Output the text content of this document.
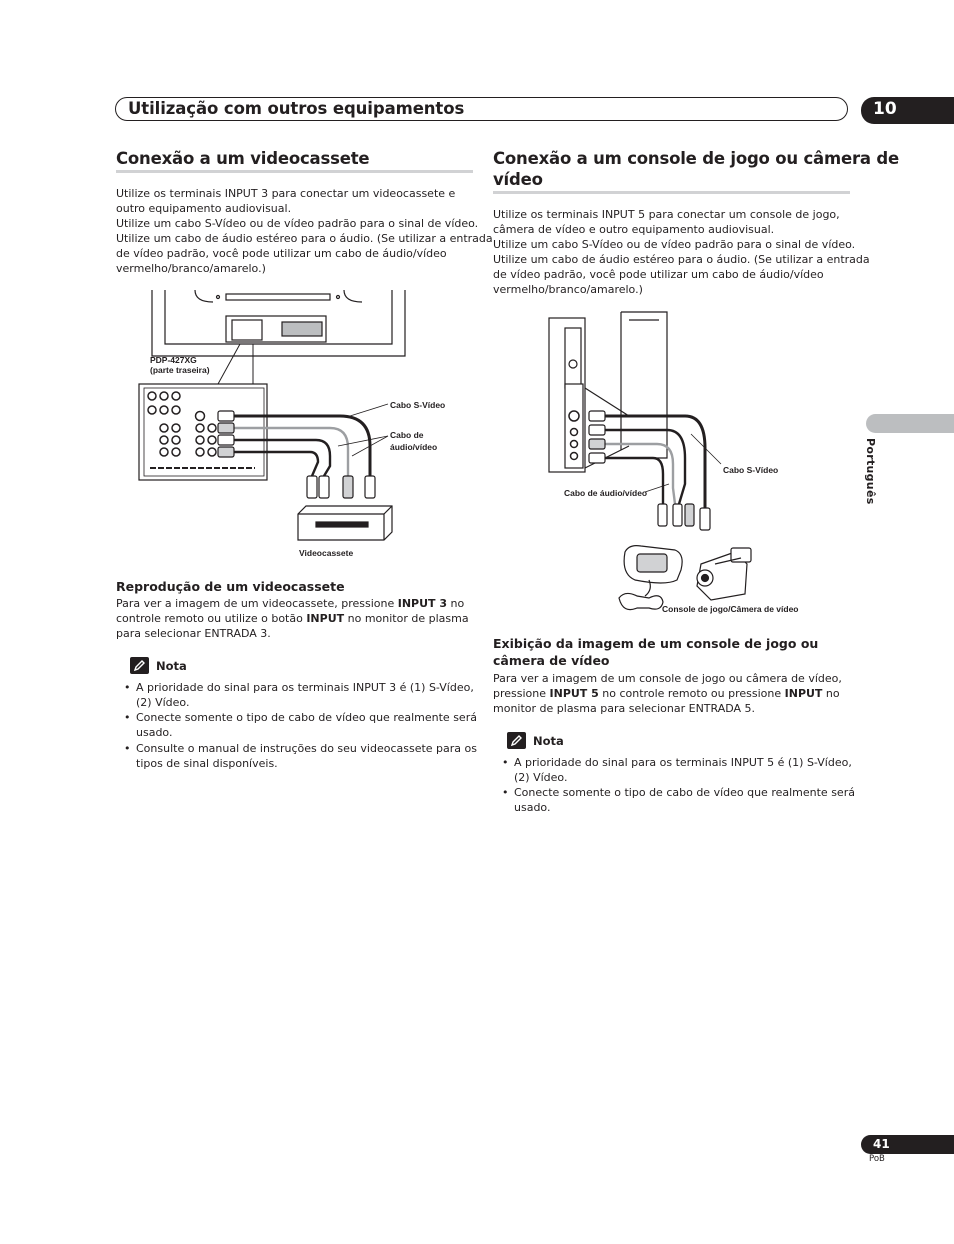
Utilização com outros equipamentos	10
Conexão a um videocassete
Utilize os terminais INPUT 3 para conectar um videocassete e
outro equipamento audiovisual.
Utilize um cabo S-Vídeo ou de vídeo padrão para o sinal de vídeo.
Utilize um cabo de áudio estéreo para o áudio. (Se utilizar a entrada
de vídeo padrão, você pode utilizar um cabo de áudio/vídeo
vermelho/branco/amarelo.)
PDP-427XG
(parte traseira)
Cabo S-Vídeo
Cabo de
áudio/vídeo
Videocassete
Reprodução de um videocassete
Para ver a imagem de um videocassete, pressione INPUT 3 no
controle remoto ou utilize o botão INPUT no monitor de plasma
para selecionar ENTRADA 3.
Nota
• A prioridade do sinal para os terminais INPUT 3 é (1) S-Vídeo,
(2) Vídeo.
• Conecte somente o tipo de cabo de vídeo que realmente será
usado.
• Consulte o manual de instruções do seu videocassete para os
tipos de sinal disponíveis.
Conexão a um console de jogo ou câmera de
vídeo
Utilize os terminais INPUT 5 para conectar um console de jogo,
câmera de vídeo e outro equipamento audiovisual.
Utilize um cabo S-Vídeo ou de vídeo padrão para o sinal de vídeo.
Utilize um cabo de áudio estéreo para o áudio. (Se utilizar a entrada
de vídeo padrão, você pode utilizar um cabo de áudio/vídeo
vermelho/branco/amarelo.)
Cabo S-Vídeo
Cabo de áudio/vídeo
Console de jogo/Câmera de vídeo
Exibição da imagem de um console de jogo ou
câmera de vídeo
Para ver a imagem de um console de jogo ou câmera de vídeo,
pressione INPUT 5 no controle remoto ou pressione INPUT no
monitor de plasma para selecionar ENTRADA 5.
Nota
• A prioridade do sinal para os terminais INPUT 5 é (1) S-Vídeo,
(2) Vídeo.
• Conecte somente o tipo de cabo de vídeo que realmente será
usado.
Português
41
PoB
